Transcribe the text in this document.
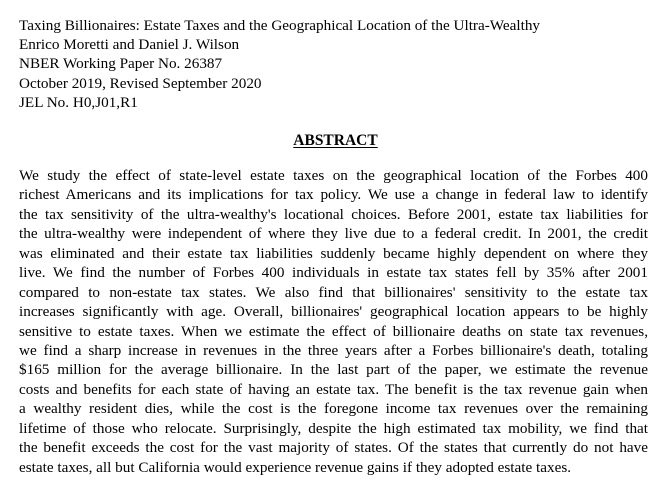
Taxing Billionaires: Estate Taxes and the Geographical Location of the Ultra-Wealthy
Enrico Moretti and Daniel J. Wilson
NBER Working Paper No. 26387
October 2019, Revised September 2020
JEL No. H0,J01,R1
ABSTRACT
We study the effect of state-level estate taxes on the geographical location of the Forbes 400
richest Americans and its implications for tax policy. We use a change in federal law to identify
the tax sensitivity of the ultra-wealthy's locational choices. Before 2001, estate tax liabilities for
the ultra-wealthy were independent of where they live due to a federal credit. In 2001, the credit
was eliminated and their estate tax liabilities suddenly became highly dependent on where they
live. We find the number of Forbes 400 individuals in estate tax states fell by 35% after 2001
compared to non-estate tax states. We also find that billionaires' sensitivity to the estate tax
increases significantly with age. Overall, billionaires' geographical location appears to be highly
sensitive to estate taxes. When we estimate the effect of billionaire deaths on state tax revenues,
we find a sharp increase in revenues in the three years after a Forbes billionaire's death, totaling
$165 million for the average billionaire. In the last part of the paper, we estimate the revenue
costs and benefits for each state of having an estate tax. The benefit is the tax revenue gain when
a wealthy resident dies, while the cost is the foregone income tax revenues over the remaining
lifetime of those who relocate. Surprisingly, despite the high estimated tax mobility, we find that
the benefit exceeds the cost for the vast majority of states. Of the states that currently do not have
estate taxes, all but California would experience revenue gains if they adopted estate taxes.
